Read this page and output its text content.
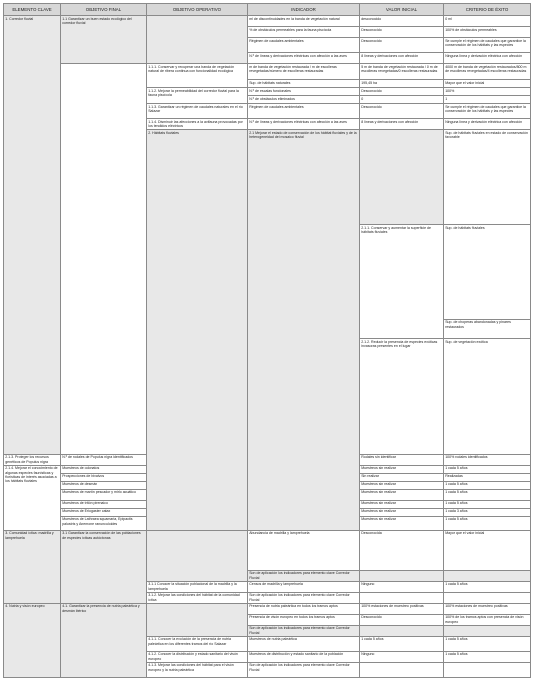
ELEMENTO CLAVE	OBJETIVO FINAL	OBJETIVO OPERATIVO	INDICADOR	VALOR INICIAL	CRITERIO DE ÉXITO	
1. Corredor fluvial	1.1 Garantizar un buen estado ecológico del corredor fluvial		ml de discontinuidades en la banda de vegetación natural	desconocido	0 ml	
			% de obstáculos permeables para la fauna piscícola	Desconocido	100% de obstáculos permeables	
			Régimen de caudales ambientales	Desconocido	Se cumple el régimen de caudales que garantice la conservación de los hábitats y las especies	
			N.º de líneas y derivaciones eléctricas con afección a las aves	8 líneas y derivaciones con afección	Ninguna línea y derivación eléctrica con afección	
		1.1.1. Conservar y recuperar una banda de vegetación natural de ribera continua con funcionalidad ecológica	m de banda de vegetación restaurada / m de escolleras revegetadas/número de escolleras restauradas	5 m de banda de vegetación restaurada / 0 m de escolleras revegetadas/0 escolleras restauradas	4000 m de banda de vegetación restaurados/800 m de escolleras revegetadas/4 escolleras restauradas	
			Sup. de hábitats naturales	195,45 ha	Mayor que el valor inicial	
		1.1.2. Mejorar la permeabilidad del corredor fluvial para la fauna piscícola	N.º de escalas funcionales	Desconocido	100%	
			N.º de obstáculos eliminados	0	1	
		1.1.3. Garantizar un régimen de caudales naturales en el río Salazar	Régimen de caudales ambientales	Desconocido	Se cumple el régimen de caudales que garantice la conservación de los hábitats y las especies	
		1.1.4. Disminuir las afecciones a la avifauna provocadas por los tendidos eléctricos	N.º de líneas y derivaciones eléctricas con afección a las aves	8 líneas y derivaciones con afección	Ninguna línea y derivación eléctrica con afección	
		2. Hábitats fluviales	2.1 Mejorar el estado de conservación de los hábitat fluviales y de la heterogeneidad del mosaico fluvial		Sup. de hábitats fluviales en estado de conservación favorable		
				2.1.1. Conservar y aumentar la superficie de hábitats fluviales	Sup. de hábitats fluviales		
					Sup. de choperas abandonadas y pinares restaurados		
				2.1.2. Reducir la presencia de especies exóticas invasoras presentes en el lugar	Sup. de vegetación exótica		
2.1.3. Proteger los recursos genéticos de Populus nigra	N.º de rodales de Populus nigra identificados			Rodales sin identificar	100% rodales identificados	
2.1.4. Mejorar el conocimiento de algunas especies faunísticas y florísticas de interés asociadas a los hábitats fluviales	Muestreos de odonatos			Muestreos sin realizar	1 cada 5 años	
	Prospecciones de bivalvos			Sin realizar	Realizadas	
	Muestreos de desmán			Muestreos sin realizar	1 cada 5 años	
	Muestreos de martín pescador y mirlo acuático			Muestreos sin realizar	1 cada 5 años	
	Muestreos de tritón pirenaico			Muestreos sin realizar	1 cada 5 años	
	Muestreos de Eriogaster catax			Muestreos sin realizar	1 cada 3 años	
	Muestreos de Lathraea squamaria, Epipactis palustris y Anemone ranunculoides			Muestreos sin realizar	1 cada 5 años	
3. Comunidad íctica: madrilla y lamprehuela	3.1 Garantizar la conservación de las poblaciones de especies ícticas autóctonas		Abundancia de madrilla y lamprehuela	Desconocida	Mayor que el valor inicial	
			Son de aplicación los indicadores para elemento clave Corredor Fluvial			
		3.1.1 Conocer la situación poblacional de la madrilla y la lamprehuela	Censos de madrilla y lamprehuela	Ninguno	1 cada 5 años	
		3.1.2. Mejorar las condiciones del hábitat de la comunidad íctica	Son de aplicación los indicadores para elemento clave Corredor Fluvial			
4. Nutria y visón europeo	4.1. Garantizar la presencia de nutria paleártica y desmán ibérico		Presencia de nutria paleártica en todos los tramos aptos	100% estaciones de muestreo positivas	100% estaciones de muestreo positivas	
			Presencia de visón europeo en todos los tramos aptos	Desconocido	100% de los tramos aptos con presencia de visón europeo	
			Son de aplicación los indicadores para elemento clave Corredor Fluvial			
		4.1.1. Conocer la evolución de la presencia de nutria paleártica en los diferentes tramos del río Salazar	Muestreos de nutria paleártica	1 cada 5 años	1 cada 5 años	
		4.1.2. Conocer la distribución y estado sanitario del visón europeo	Muestreos de distribución y estado sanitario de la población	Ninguno	1 cada 5 años	
		4.1.3. Mejorar las condiciones del hábitat para el visón europeo y la nutria paleártica	Son de aplicación los indicadores para elemento clave Corredor Fluvial			
